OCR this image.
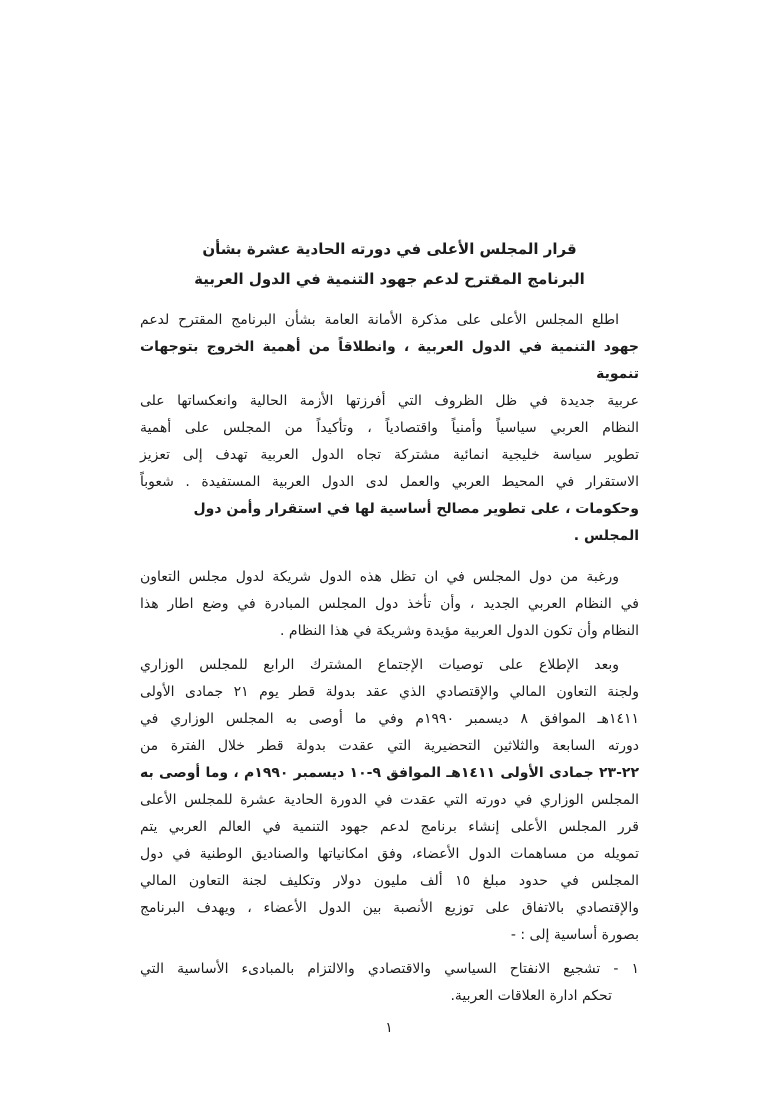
قرار المجلس الأعلى في دورته الحادية عشرة بشأن
البرنامج المقترح لدعم جهود التنمية في الدول العربية
اطلع المجلس الأعلى على مذكرة الأمانة العامة بشأن البرنامج المقترح لدعم
جهود التنمية في الدول العربية ، وانطلاقاً من أهمية الخروج بتوجهات تنموية
عربية جديدة في ظل الظروف التي أفرزتها الأزمة الحالية وانعكساتها على
النظام العربي سياسياً وأمنياً واقتصادياً ، وتأكيداً من المجلس على أهمية
تطوير سياسة خليجية انمائية مشتركة تجاه الدول العربية تهدف إلى تعزيز
الاستقرار في المحيط العربي والعمل لدى الدول العربية المستفيدة . شعوباً
وحكومات ، على تطوير مصالح أساسية لها في استقرار وأمن دول المجلس .
ورغبة من دول المجلس في ان تظل هذه الدول شريكة لدول مجلس التعاون
في النظام العربي الجديد ، وأن تأخذ دول المجلس المبادرة في وضع اطار هذا
النظام وأن تكون الدول العربية مؤيدة وشريكة في هذا النظام .
وبعد الإطلاع على توصيات الإجتماع المشترك الرابع للمجلس الوزاري
ولجنة التعاون المالي والإقتصادي الذي عقد بدولة قطر يوم ٢١ جمادى الأولى
١٤١١هـ الموافق ٨ ديسمبر ١٩٩٠م وفي ما أوصى به المجلس الوزاري في
دورته السابعة والثلاثين التحضيرية التي عقدت بدولة قطر خلال الفترة من
٢٢-٢٣ جمادى الأولى ١٤١١هـ الموافق ٩-١٠ ديسمبر ١٩٩٠م ، وما أوصى به
المجلس الوزاري في دورته التي عقدت في الدورة الحادية عشرة للمجلس الأعلى
قرر المجلس الأعلى إنشاء برنامج لدعم جهود التنمية في العالم العربي يتم
تمويله من مساهمات الدول الأعضاء، وفق امكانياتها والصناديق الوطنية في دول
المجلس في حدود مبلغ ١٥ ألف مليون دولار وتكليف لجنة التعاون المالي
والإقتصادي بالاتفاق على توزيع الأنصبة بين الدول الأعضاء ، ويهدف البرنامج
بصورة أساسية إلى : -
١ - تشجيع الانفتاح السياسي والاقتصادي والالتزام بالمبادىء الأساسية التي
تحكم ادارة العلاقات العربية.
١
